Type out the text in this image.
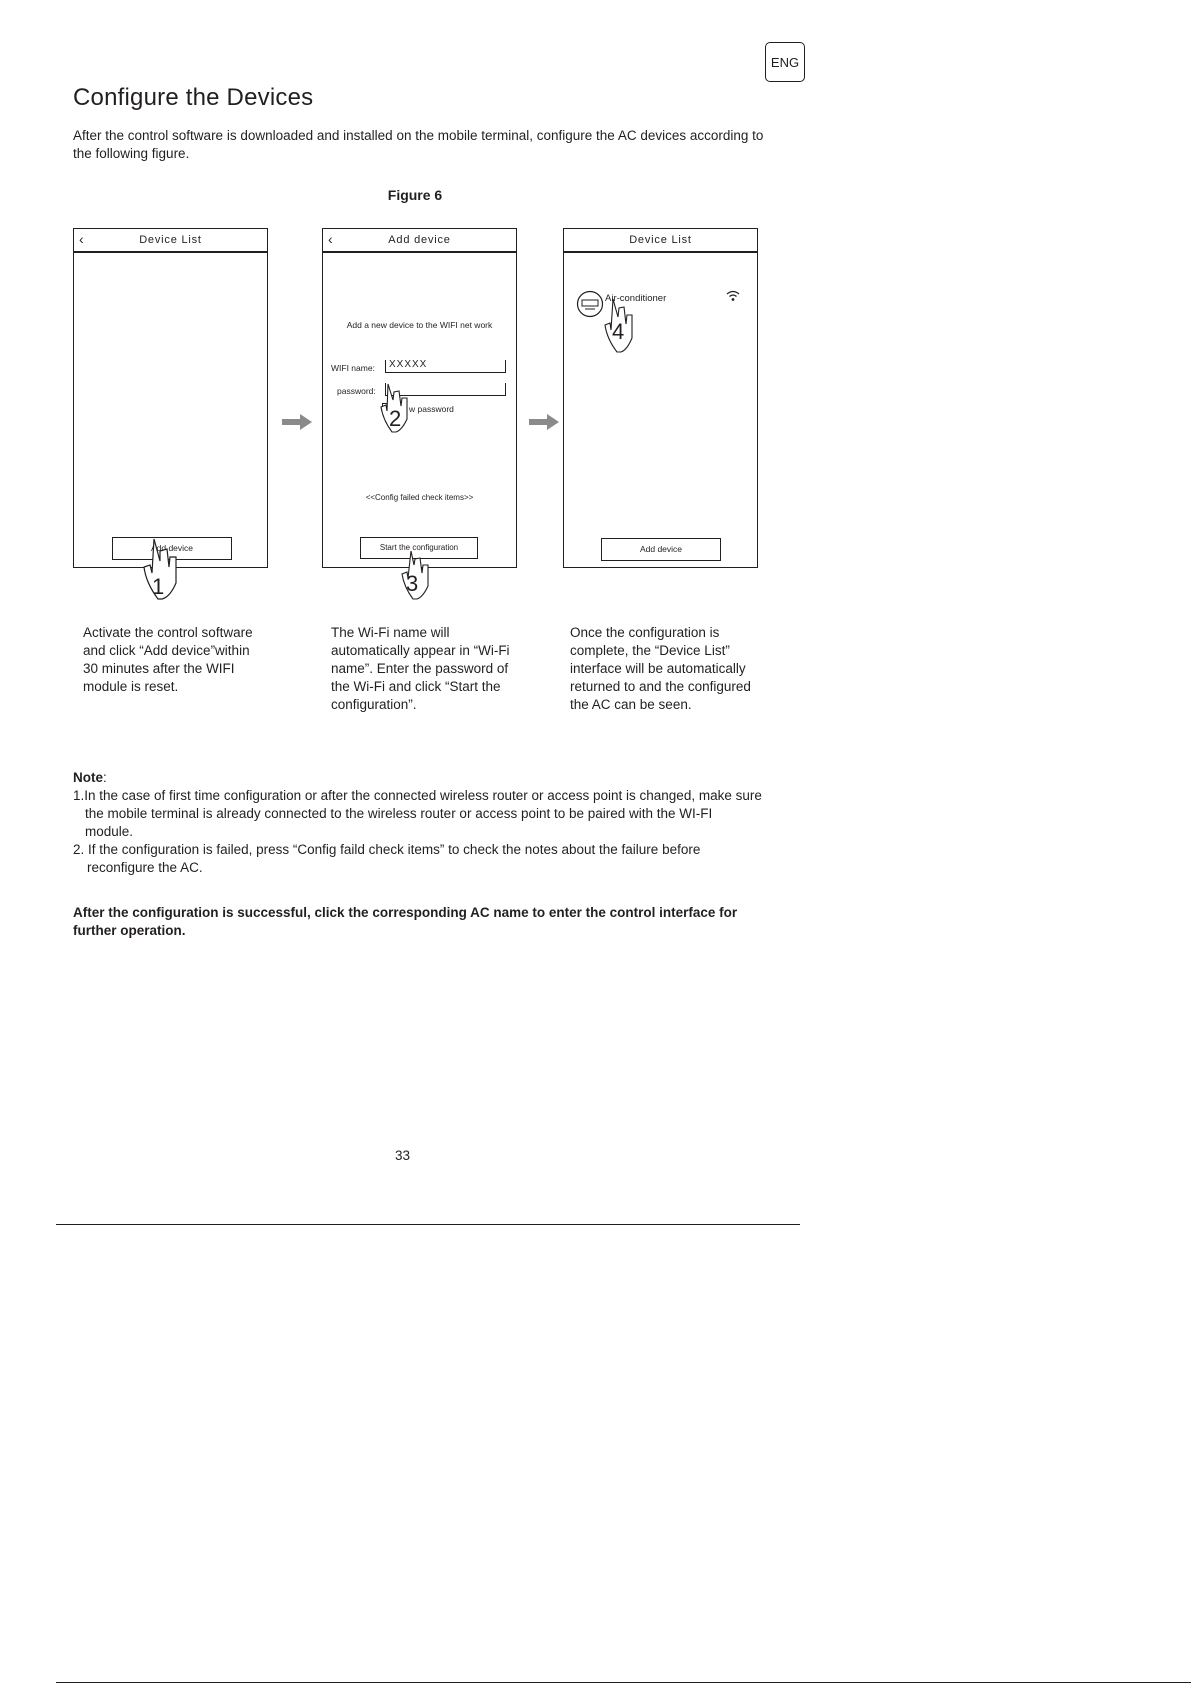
ENG
Configure the Devices

After the control software is downloaded and installed on the mobile terminal, configure the AC devices according to the following figure.

Figure 6
‹	Device List
Add device
1
‹	Add device
Add a new device to the WIFI net work
WIFI name: XXXXX
password:
w password
<<Config failed check items>>
Start the configuration
2
3
Device List
Air-conditioner
Add device
4

Activate the control software and click “Add device”within 30 minutes after the WIFI module is reset.

The Wi-Fi name will automatically appear in “Wi-Fi name”. Enter the password of the Wi-Fi and click “Start the configuration”.

Once the configuration is complete, the “Device List” interface will be automatically returned to and the configured the AC can be seen.

Note:

1.In the case of first time configuration or after the connected wireless router or access point is changed, make sure the mobile terminal is already connected to the wireless router or access point to be paired with the WI-FI module.

2. If the configuration is failed, press “Config faild check items” to check the notes about the failure before reconfigure the AC.

After the configuration is successful, click the corresponding AC name to enter the control interface for further operation.

33
